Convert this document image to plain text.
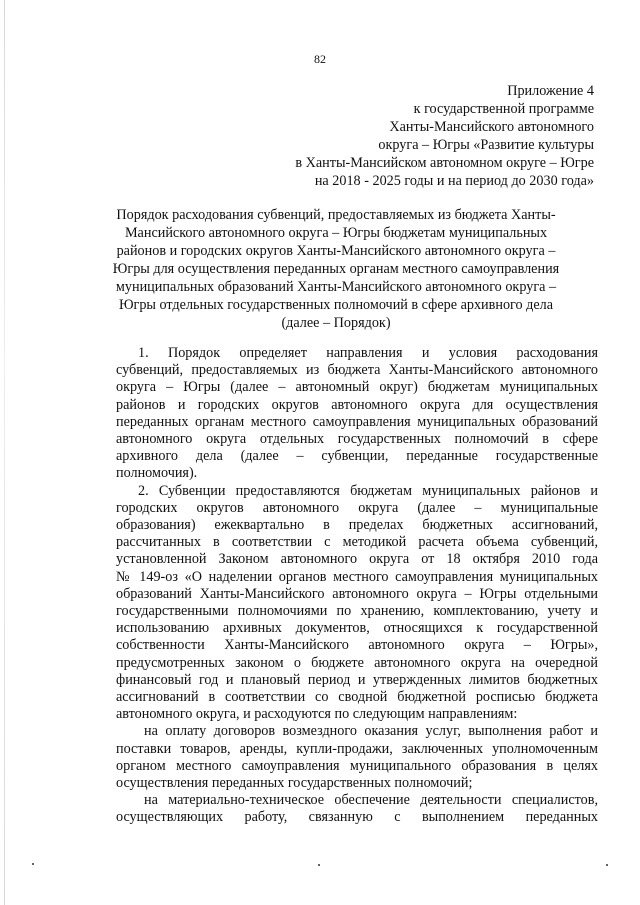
82
Приложение 4
к государственной программе
Ханты-Мансийского автономного
округа – Югры «Развитие культуры
в Ханты-Мансийском автономном округе – Югре
на 2018 - 2025 годы и на период до 2030 года»
Порядок расходования субвенций, предоставляемых из бюджета Ханты-
Мансийского автономного округа – Югры бюджетам муниципальных
районов и городских округов Ханты-Мансийского автономного округа –
Югры для осуществления переданных органам местного самоуправления
муниципальных образований Ханты-Мансийского автономного округа –
Югры отдельных государственных полномочий в сфере архивного дела
(далее – Порядок)
1. Порядок определяет направления и условия расходования
субвенций, предоставляемых из бюджета Ханты-Мансийского автономного
округа – Югры (далее – автономный округ) бюджетам муниципальных
районов и городских округов автономного округа для осуществления
переданных органам местного самоуправления муниципальных образований
автономного округа отдельных государственных полномочий в сфере
архивного дела (далее – субвенции, переданные государственные
полномочия).
2. Субвенции предоставляются бюджетам муниципальных районов и
городских округов автономного округа (далее – муниципальные
образования) ежеквартально в пределах бюджетных ассигнований,
рассчитанных в соответствии с методикой расчета объема субвенций,
установленной Законом автономного округа от 18 октября 2010 года
№ 149-оз «О наделении органов местного самоуправления муниципальных
образований Ханты-Мансийского автономного округа – Югры отдельными
государственными полномочиями по хранению, комплектованию, учету и
использованию архивных документов, относящихся к государственной
собственности Ханты-Мансийского автономного округа – Югры»,
предусмотренных законом о бюджете автономного округа на очередной
финансовый год и плановый период и утвержденных лимитов бюджетных
ассигнований в соответствии со сводной бюджетной росписью бюджета
автономного округа, и расходуются по следующим направлениям:
на оплату договоров возмездного оказания услуг, выполнения работ и
поставки товаров, аренды, купли-продажи, заключенных уполномоченным
органом местного самоуправления муниципального образования в целях
осуществления переданных государственных полномочий;
на материально-техническое обеспечение деятельности специалистов,
осуществляющих работу, связанную с выполнением переданных
